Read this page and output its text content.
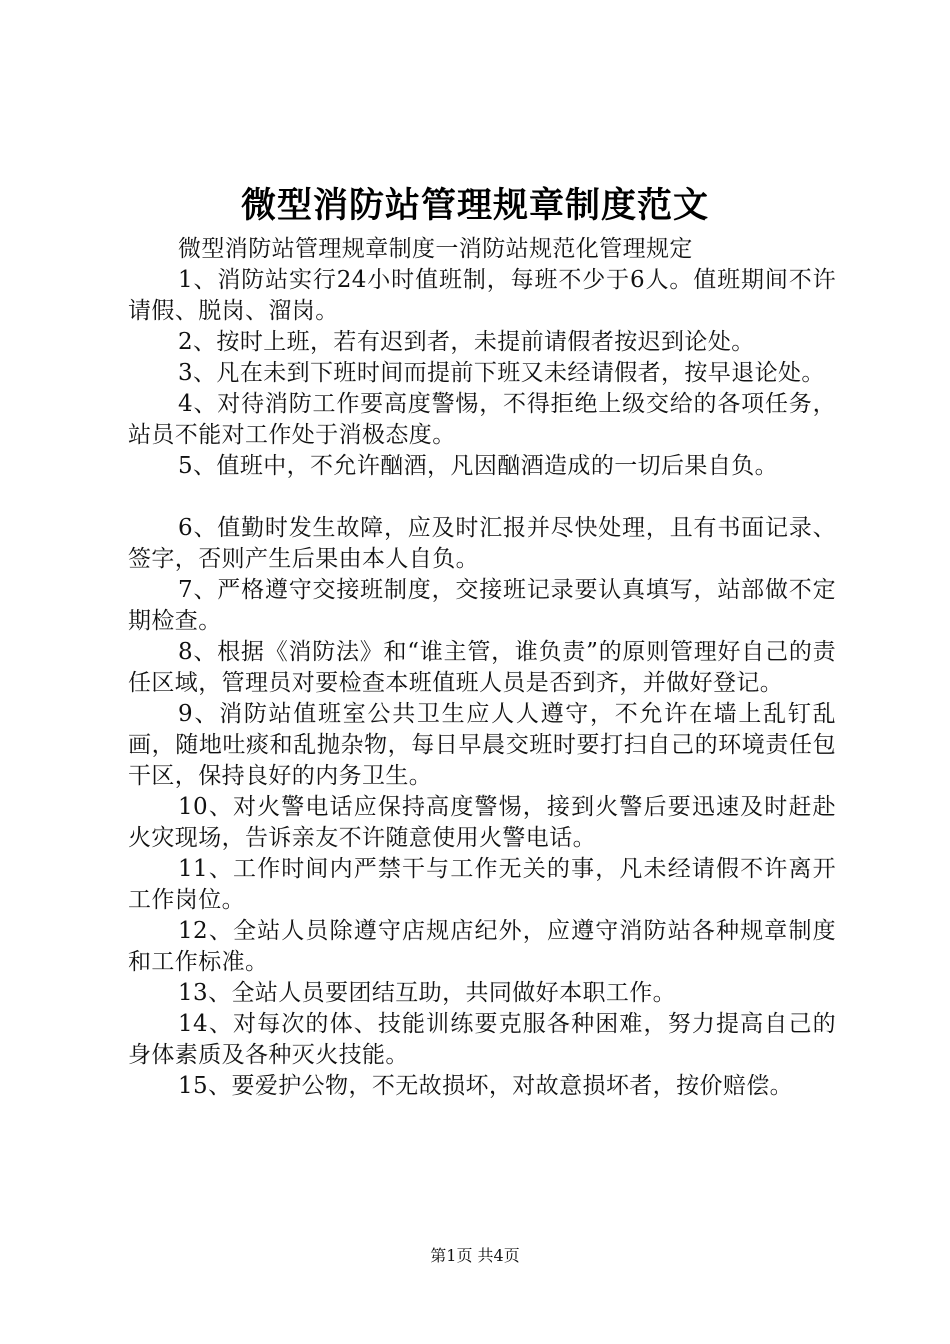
微型消防站管理规章制度范文

微型消防站管理规章制度一消防站规范化管理规定

1、消防站实行24小时值班制，每班不少于6人。值班期间不许请假、脱岗、溜岗。

2、按时上班，若有迟到者，未提前请假者按迟到论处。

3、凡在未到下班时间而提前下班又未经请假者，按早退论处。

4、对待消防工作要高度警惕，不得拒绝上级交给的各项任务，站员不能对工作处于消极态度。

5、值班中，不允许酗酒，凡因酗酒造成的一切后果自负。

6、值勤时发生故障，应及时汇报并尽快处理，且有书面记录、签字，否则产生后果由本人自负。

7、严格遵守交接班制度，交接班记录要认真填写，站部做不定期检查。

8、根据《消防法》和“谁主管，谁负责”的原则管理好自己的责任区域，管理员对要检查本班值班人员是否到齐，并做好登记。

9、消防站值班室公共卫生应人人遵守，不允许在墙上乱钉乱画，随地吐痰和乱抛杂物，每日早晨交班时要打扫自己的环境责任包干区，保持良好的内务卫生。

10、对火警电话应保持高度警惕，接到火警后要迅速及时赶赴火灾现场，告诉亲友不许随意使用火警电话。

11、工作时间内严禁干与工作无关的事，凡未经请假不许离开工作岗位。

12、全站人员除遵守店规店纪外，应遵守消防站各种规章制度和工作标准。

13、全站人员要团结互助，共同做好本职工作。

14、对每次的体、技能训练要克服各种困难，努力提高自己的身体素质及各种灭火技能。

15、要爱护公物，不无故损坏，对故意损坏者，按价赔偿。

第1页 共4页
